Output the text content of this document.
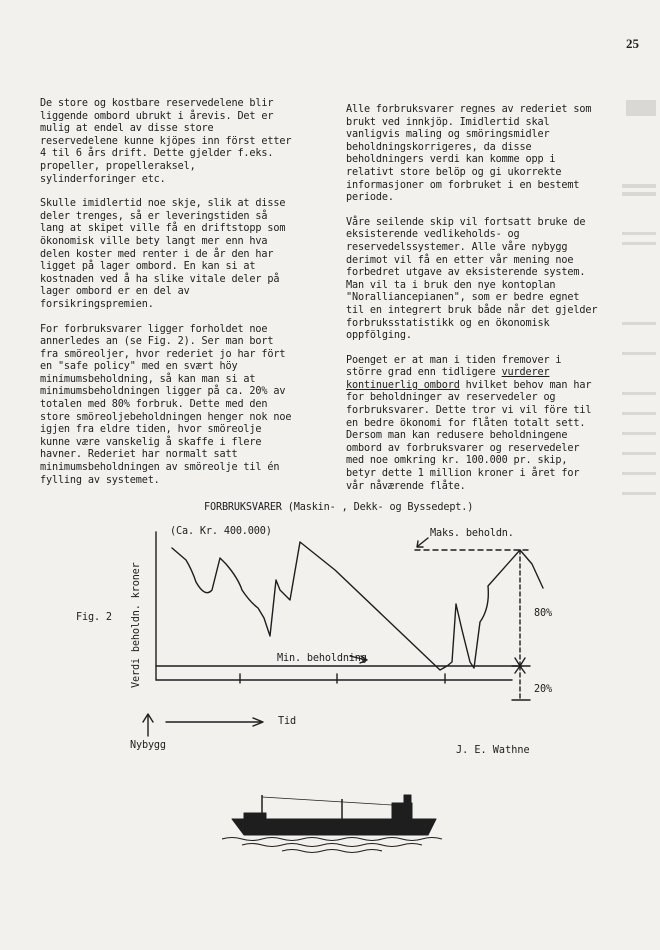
25

De store og kostbare reservedelene blir liggende ombord ubrukt i årevis. Det er mulig at endel av disse store reservedelene kunne kjöpes inn först etter 4 til 6 års drift. Dette gjelder f.eks. propeller, propelleraksel, sylinderforinger etc.

Skulle imidlertid noe skje, slik at disse deler trenges, så er leveringstiden så lang at skipet ville få en driftstopp som ökonomisk ville bety langt mer enn hva delen koster med renter i de år den har ligget på lager ombord. En kan si at kostnaden ved å ha slike vitale deler på lager ombord er en del av forsikringspremien.

For forbruksvarer ligger forholdet noe annerledes an (se Fig. 2). Ser man bort fra smöreoljer, hvor rederiet jo har fört en "safe policy" med en svært höy minimumsbeholdning, så kan man si at minimumsbeholdningen ligger på ca. 20% av totalen med 80% forbruk. Dette med den store smöreoljebeholdningen henger nok noe igjen fra eldre tiden, hvor smöreolje kunne være vanskelig å skaffe i flere havner. Rederiet har normalt satt minimumsbeholdningen av smöreolje til én fylling av systemet.

Alle forbruksvarer regnes av rederiet som brukt ved innkjöp. Imidlertid skal vanligvis maling og smöringsmidler beholdningskorrigeres, da disse beholdningers verdi kan komme opp i relativt store belöp og gi ukorrekte informasjoner om forbruket i en bestemt periode.

Våre seilende skip vil fortsatt bruke de eksisterende vedlikeholds- og reservedelssystemer. Alle våre nybygg derimot vil få en etter vår mening noe forbedret utgave av eksisterende system. Man vil ta i bruk den nye kontoplan "Noralliancepianen", som er bedre egnet til en integrert bruk både når det gjelder forbruksstatistikk og en ökonomisk oppfölging.

Poenget er at man i tiden fremover i större grad enn tidligere vurderer kontinuerlig ombord hvilket behov man har for beholdninger av reservedeler og forbruksvarer. Dette tror vi vil före til en bedre ökonomi for flåten totalt sett. Dersom man kan redusere beholdningene ombord av forbruksvarer og reservedeler med noe omkring kr. 100.000 pr. skip, betyr dette 1 million kroner i året for vår nåværende flåte.

FORBRUKSVARER (Maskin- , Dekk- og Byssedept.)
(Ca. Kr. 400.000)
Fig. 2
Maks. beholdn.
Min. beholdning
80%
20%
Tid
Nybygg
Verdi beholdn. kroner
J. E. Wathne
